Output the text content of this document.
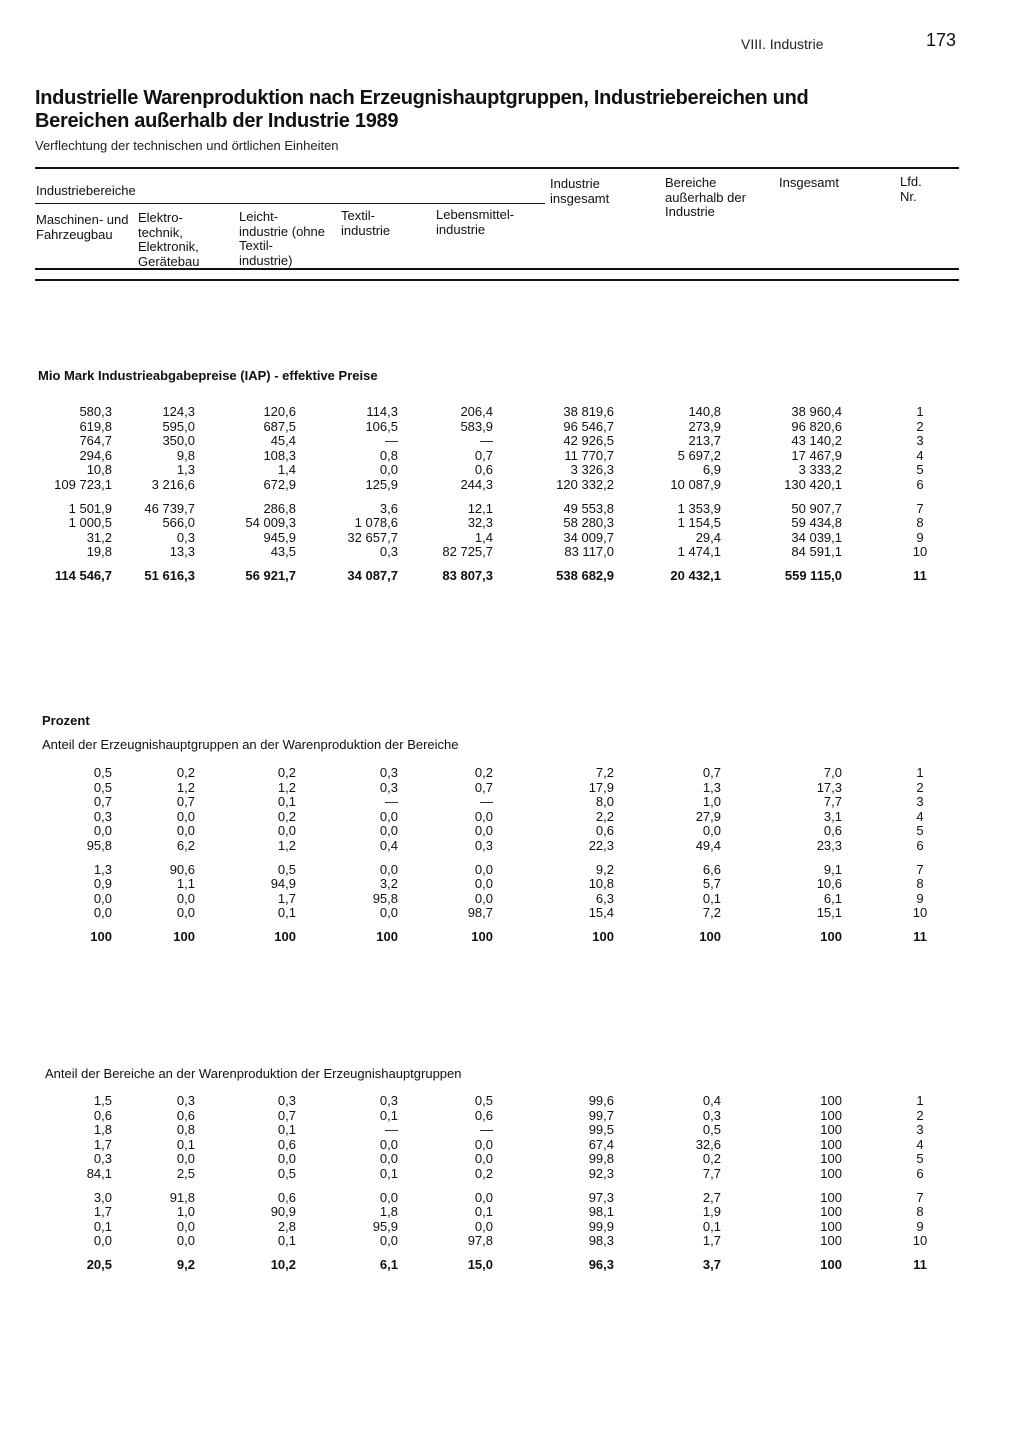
VIII. Industrie	173
Industrielle Warenproduktion nach Erzeugnishauptgruppen, Industriebereichen und Bereichen außerhalb der Industrie 1989
Verflechtung der technischen und örtlichen Einheiten
Industriebereiche
Maschinen- und Fahrzeugbau
Elektro- technik, Elektronik, Gerätebau
Leicht- industrie (ohne Textil- industrie)
Textil- industrie
Lebensmittel- industrie
Industrie insgesamt
Bereiche außerhalb der Industrie
Insgesamt	Lfd. Nr.
Mio Mark Industrieabgabepreise (IAP) - effektive Preise
580,3
619,8
764,7
294,6
10,8
109 723,1
1 501,9
1 000,5
31,2
19,8
114 546,7
124,3
595,0
350,0
9,8
1,3
3 216,6
46 739,7
566,0
0,3
13,3
51 616,3
120,6
687,5
45,4
108,3
1,4
672,9
286,8
54 009,3
945,9
43,5
56 921,7
114,3
106,5
—
0,8
0,0
125,9
3,6
1 078,6
32 657,7
0,3
34 087,7
206,4
583,9
—
0,7
0,6
244,3
12,1
32,3
1,4
82 725,7
83 807,3
38 819,6
96 546,7
42 926,5
11 770,7
3 326,3
120 332,2
49 553,8
58 280,3
34 009,7
83 117,0
538 682,9
140,8
273,9
213,7
5 697,2
6,9
10 087,9
1 353,9
1 154,5
29,4
1 474,1
20 432,1
38 960,4
96 820,6
43 140,2
17 467,9
3 333,2
130 420,1
50 907,7
59 434,8
34 039,1
84 591,1
559 115,0
1
2
3
4
5
6
7
8
9
10
11
Prozent
Anteil der Erzeugnishauptgruppen an der Warenproduktion der Bereiche
0,5
0,5
0,7
0,3
0,0
95,8
1,3
0,9
0,0
0,0
100
0,2
1,2
0,7
0,0
0,0
6,2
90,6
1,1
0,0
0,0
100
0,2
1,2
0,1
0,2
0,0
1,2
0,5
94,9
1,7
0,1
100
0,3
0,3
—
0,0
0,0
0,4
0,0
3,2
95,8
0,0
100
0,2
0,7
—
0,0
0,0
0,3
0,0
0,0
0,0
98,7
100
7,2
17,9
8,0
2,2
0,6
22,3
9,2
10,8
6,3
15,4
100
0,7
1,3
1,0
27,9
0,0
49,4
6,6
5,7
0,1
7,2
100
7,0
17,3
7,7
3,1
0,6
23,3
9,1
10,6
6,1
15,1
100
1
2
3
4
5
6
7
8
9
10
11
Anteil der Bereiche an der Warenproduktion der Erzeugnishauptgruppen
1,5
0,6
1,8
1,7
0,3
84,1
3,0
1,7
0,1
0,0
20,5
0,3
0,6
0,8
0,1
0,0
2,5
91,8
1,0
0,0
0,0
9,2
0,3
0,7
0,1
0,6
0,0
0,5
0,6
90,9
2,8
0,1
10,2
0,3
0,1
—
0,0
0,0
0,1
0,0
1,8
95,9
0,0
6,1
0,5
0,6
—
0,0
0,0
0,2
0,0
0,1
0,0
97,8
15,0
99,6
99,7
99,5
67,4
99,8
92,3
97,3
98,1
99,9
98,3
96,3
0,4
0,3
0,5
32,6
0,2
7,7
2,7
1,9
0,1
1,7
3,7
100
100
100
100
100
100
100
100
100
100
100
1
2
3
4
5
6
7
8
9
10
11
